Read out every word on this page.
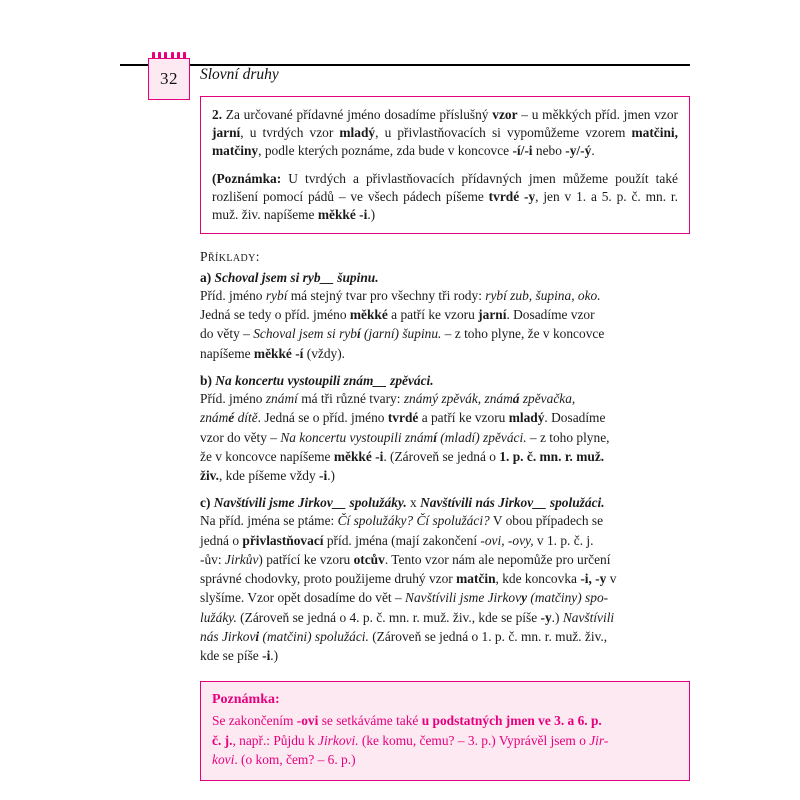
32 Slovní druhy

2. Za určované přídavné jméno dosadíme příslušný vzor – u měkkých příd. jmen vzor jarní, u tvrdých vzor mladý, u přivlastňovacích si vypomůžeme vzorem matčini, matčiny, podle kterých poznáme, zda bude v koncovce -í/-i nebo -y/-ý.

(Poznámka: U tvrdých a přivlastňovacích přídavných jmen můžeme použít také rozlišení pomocí pádů – ve všech pádech píšeme tvrdé -y, jen v 1. a 5. p. č. mn. r. muž. živ. napíšeme měkké -i.)

Příklady:
a) Schoval jsem si ryb__ šupinu.
Příd. jméno rybí má stejný tvar pro všechny tři rody: rybí zub, šupina, oko.
Jedná se tedy o příd. jméno měkké a patří ke vzoru jarní. Dosadíme vzor
do věty – Schoval jsem si rybí (jarní) šupinu. – z toho plyne, že v koncovce
napíšeme měkké -í (vždy).
b) Na koncertu vystoupili znám__ zpěváci.
Příd. jméno známí má tři různé tvary: známý zpěvák, známá zpěvačka,
známé dítě. Jedná se o příd. jméno tvrdé a patří ke vzoru mladý. Dosadíme
vzor do věty – Na koncertu vystoupili známí (mladí) zpěváci. – z toho plyne,
že v koncovce napíšeme měkké -i. (Zároveň se jedná o 1. p. č. mn. r. muž.
živ., kde píšeme vždy -i.)
c) Navštívili jsme Jirkov__ spolužáky. x Navštívili nás Jirkov__ spolužáci.
Na příd. jména se ptáme: Čí spolužáky? Čí spolužáci? V obou případech se
jedná o přivlastňovací příd. jména (mají zakončení -ovi, -ovy, v 1. p. č. j.
-ův: Jirkův) patřící ke vzoru otcův. Tento vzor nám ale nepomůže pro určení
správné chodovky, proto použijeme druhý vzor matčin, kde koncovka -i, -y v
slyšíme. Vzor opět dosadíme do vět – Navštívili jsme Jirkovy (matčiny) spo-
lužáky. (Zároveň se jedná o 4. p. č. mn. r. muž. živ., kde se píše -y.) Navštívili
nás Jirkovi (matčini) spolužáci. (Zároveň se jedná o 1. p. č. mn. r. muž. živ.,
kde se píše -i.)
Poznámka:
Se zakončením -ovi se setkáváme také u podstatných jmen ve 3. a 6. p.
č. j., např.: Půjdu k Jirkovi. (ke komu, čemu? – 3. p.) Vyprávěl jsem o Jir-
kovi. (o kom, čem? – 6. p.)
